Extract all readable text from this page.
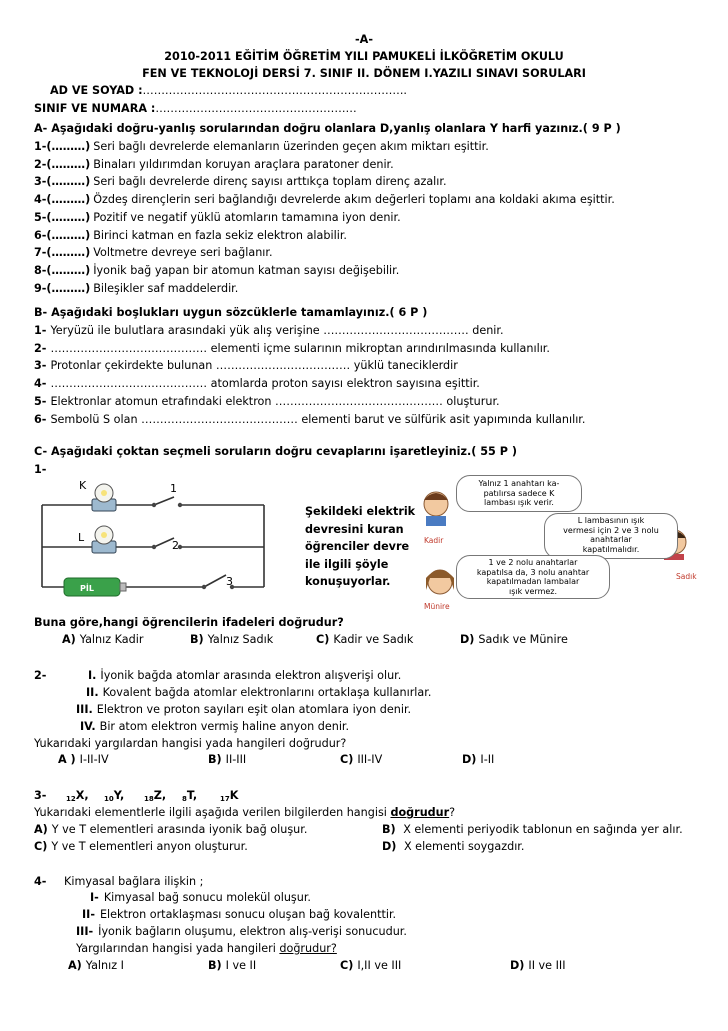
-A-
2010-2011 EĞİTİM ÖĞRETİM YILI PAMUKELİ İLKÖĞRETİM OKULU
FEN VE TEKNOLOJİ DERSİ 7. SINIF II. DÖNEM I.YAZILI SINAVI SORULARI
AD VE SOYAD :……………………………………………………………..
SINIF VE NUMARA :………………………………………………
A- Aşağıdaki doğru-yanlış sorularından doğru olanlara D,yanlış olanlara Y harfi yazınız.( 9 P )
1-(………) Seri bağlı devrelerde elemanların üzerinden geçen akım miktarı eşittir.
2-(………) Binaları yıldırımdan koruyan araçlara paratoner denir.
3-(………) Seri bağlı devrelerde direnç sayısı arttıkça toplam direnç azalır.
4-(………) Özdeş dirençlerin seri bağlandığı devrelerde akım değerleri toplamı ana koldaki akıma eşittir.
5-(………) Pozitif ve negatif yüklü atomların tamamına iyon denir.
6-(………) Birinci katman en fazla sekiz elektron alabilir.
7-(………) Voltmetre devreye seri bağlanır.
8-(………) İyonik bağ yapan bir atomun katman sayısı değişebilir.
9-(………) Bileşikler saf maddelerdir.
B- Aşağıdaki boşlukları uygun sözcüklerle tamamlayınız.( 6 P )
1- Yeryüzü ile bulutlara arasındaki yük alış verişine ………………………………… denir.
2- …………………………………… elementi içme sularının mikroptan arındırılmasında kullanılır.
3- Protonlar çekirdekte bulunan ……………………………… yüklü taneciklerdir
4- …………………………………… atomlarda proton sayısı elektron sayısına eşittir.
5- Elektronlar atomun etrafındaki elektron ……………………………………… oluşturur.
6- Sembolü S olan …………………………………… elementi barut ve sülfürik asit yapımında kullanılır.
C- Aşağıdaki çoktan seçmeli soruların doğru cevaplarını işaretleyiniz.( 55 P )
1-
PİL
K
L
1
2
3
Şekildeki elektrik
devresini kuran
öğrenciler devre
ile ilgili şöyle
konuşuyorlar.
Kadir
Sadık
Münire
Yalnız 1 anahtarı ka-
patılırsa sadece K
lambası ışık verir.
L lambasının ışık
vermesi için 2 ve 3 nolu
anahtarlar
kapatılmalıdır.
1 ve 2 nolu anahtarlar
kapatılsa da, 3 nolu anahtar
kapatılmadan lambalar
ışık vermez.
Buna göre,hangi öğrencilerin ifadeleri doğrudur?
A) Yalnız Kadir	B) Yalnız Sadık	C) Kadir ve Sadık	D) Sadık ve Münire
2-	I. İyonik bağda atomlar arasında elektron alışverişi olur.
II. Kovalent bağda atomlar elektronlarını ortaklaşa kullanırlar.
III. Elektron ve proton sayıları eşit olan atomlara iyon denir.
IV. Bir atom elektron vermiş haline anyon denir.
Yukarıdaki yargılardan hangisi yada hangileri doğrudur?
A ) I-II-IV	B) II-III	C) III-IV	D) I-II
3-	$_{12}$X, $_{10}$Y,	$_{18}$Z, $_8$T,	$_{17}$K
Yukarıdaki elementlerle ilgili aşağıda verilen bilgilerden hangisi doğrudur?
A) Y ve T elementleri arasında iyonik bağ oluşur.	B) X elementi periyodik tablonun en sağında yer alır.
C) Y ve T elementleri anyon oluşturur.	D) X elementi soygazdır.
4- Kimyasal bağlara ilişkin ;
I- Kimyasal bağ sonucu molekül oluşur.
II- Elektron ortaklaşması sonucu oluşan bağ kovalenttir.
III- İyonik bağların oluşumu, elektron alış-verişi sonucudur.
Yargılarından hangisi yada hangileri doğrudur?
A) Yalnız I	B) I ve II	C) I,II ve III	D) II ve III
